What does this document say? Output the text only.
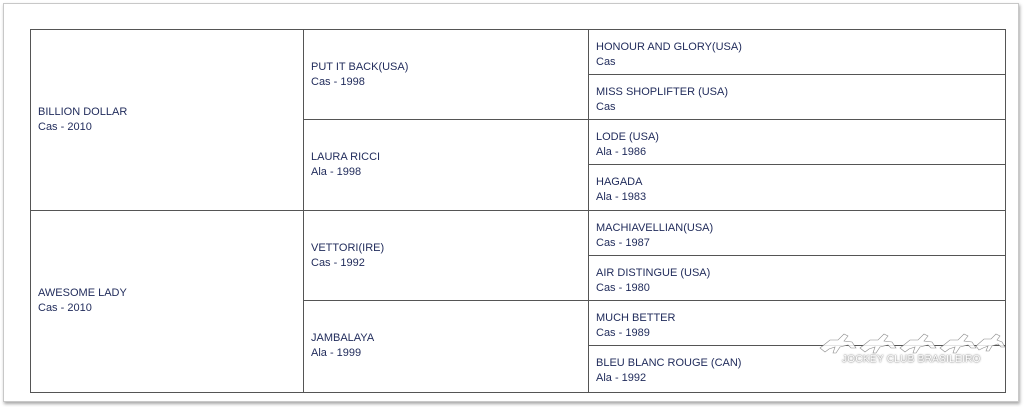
BILLION DOLLAR
Cas - 2010
AWESOME LADY
Cas - 2010
PUT IT BACK(USA)
Cas - 1998
LAURA RICCI
Ala - 1998
VETTORI(IRE)
Cas - 1992
JAMBALAYA
Ala - 1999
HONOUR AND GLORY(USA)
Cas
MISS SHOPLIFTER (USA)
Cas
LODE (USA)
Ala - 1986
HAGADA
Ala - 1983
MACHIAVELLIAN(USA)
Cas - 1987
AIR DISTINGUE (USA)
Cas - 1980
MUCH BETTER
Cas - 1989
BLEU BLANC ROUGE (CAN)
Ala - 1992
JOCKEY CLUB BRASILEIRO
